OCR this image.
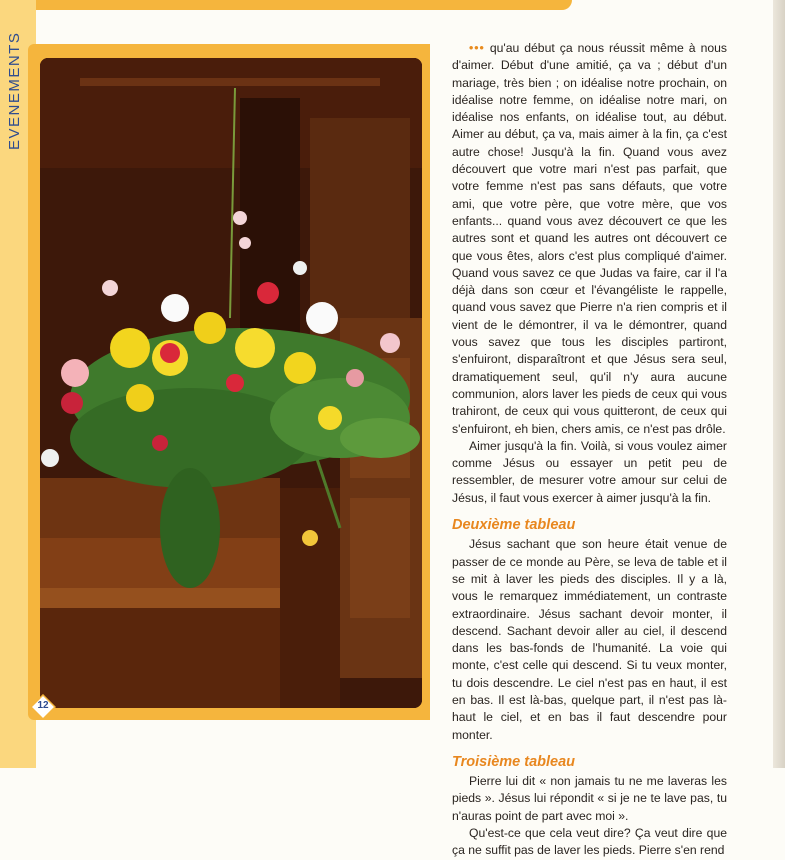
EVENEMENTS
12

••• qu'au début ça nous réussit même à nous d'aimer. Début d'une amitié, ça va ; début d'un mariage, très bien ; on idéalise notre prochain, on idéalise notre femme, on idéalise notre mari, on idéalise nos enfants, on idéalise tout, au début. Aimer au début, ça va, mais aimer à la fin, ça c'est autre chose! Jusqu'à la fin. Quand vous avez découvert que votre mari n'est pas parfait, que votre femme n'est pas sans défauts, que votre ami, que votre père, que votre mère, que vos enfants... quand vous avez découvert ce que les autres sont et quand les autres ont découvert ce que vous êtes, alors c'est plus compliqué d'aimer. Quand vous savez ce que Judas va faire, car il l'a déjà dans son cœur et l'évangéliste le rappelle, quand vous savez que Pierre n'a rien compris et il vient de le démontrer, il va le démontrer, quand vous savez que tous les disciples partiront, s'enfuiront, disparaîtront et que Jésus sera seul, dramatiquement seul, qu'il n'y aura aucune communion, alors laver les pieds de ceux qui vous trahiront, de ceux qui vous quitteront, de ceux qui s'enfuiront, eh bien, chers amis, ce n'est pas drôle.

Aimer jusqu'à la fin. Voilà, si vous voulez aimer comme Jésus ou essayer un petit peu de ressembler, de mesurer votre amour sur celui de Jésus, il faut vous exercer à aimer jusqu'à la fin.

Deuxième tableau

Jésus sachant que son heure était venue de passer de ce monde au Père, se leva de table et il se mit à laver les pieds des disciples. Il y a là, vous le remarquez immédiatement, un contraste extraordinaire. Jésus sachant devoir monter, il descend. Sachant devoir aller au ciel, il descend dans les bas-fonds de l'humanité. La voie qui monte, c'est celle qui descend. Si tu veux monter, tu dois descendre. Le ciel n'est pas en haut, il est en bas. Il est là-bas, quelque part, il n'est pas là-haut le ciel, et en bas il faut descendre pour monter.

Troisième tableau

Pierre lui dit « non jamais tu ne me laveras les pieds ». Jésus lui répondit « si je ne te lave pas, tu n'auras point de part avec moi ».

Qu'est-ce que cela veut dire? Ça veut dire que ça ne suffit pas de laver les pieds. Pierre s'en rend
